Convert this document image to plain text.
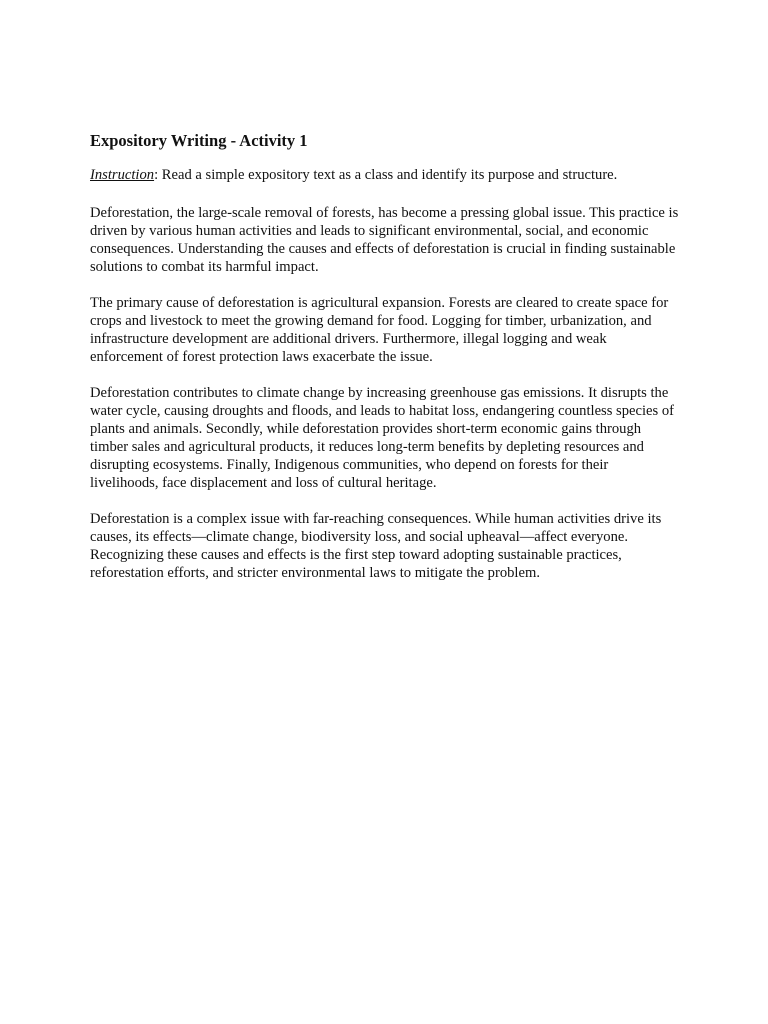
Expository Writing - Activity 1

Instruction: Read a simple expository text as a class and identify its purpose and structure.

Deforestation, the large-scale removal of forests, has become a pressing global issue. This practice is driven by various human activities and leads to significant environmental, social, and economic consequences. Understanding the causes and effects of deforestation is crucial in finding sustainable solutions to combat its harmful impact.

The primary cause of deforestation is agricultural expansion. Forests are cleared to create space for crops and livestock to meet the growing demand for food. Logging for timber, urbanization, and infrastructure development are additional drivers. Furthermore, illegal logging and weak enforcement of forest protection laws exacerbate the issue.

Deforestation contributes to climate change by increasing greenhouse gas emissions. It disrupts the water cycle, causing droughts and floods, and leads to habitat loss, endangering countless species of plants and animals. Secondly, while deforestation provides short-term economic gains through timber sales and agricultural products, it reduces long-term benefits by depleting resources and disrupting ecosystems. Finally, Indigenous communities, who depend on forests for their livelihoods, face displacement and loss of cultural heritage.

Deforestation is a complex issue with far-reaching consequences. While human activities drive its causes, its effects—climate change, biodiversity loss, and social upheaval—affect everyone. Recognizing these causes and effects is the first step toward adopting sustainable practices, reforestation efforts, and stricter environmental laws to mitigate the problem.
